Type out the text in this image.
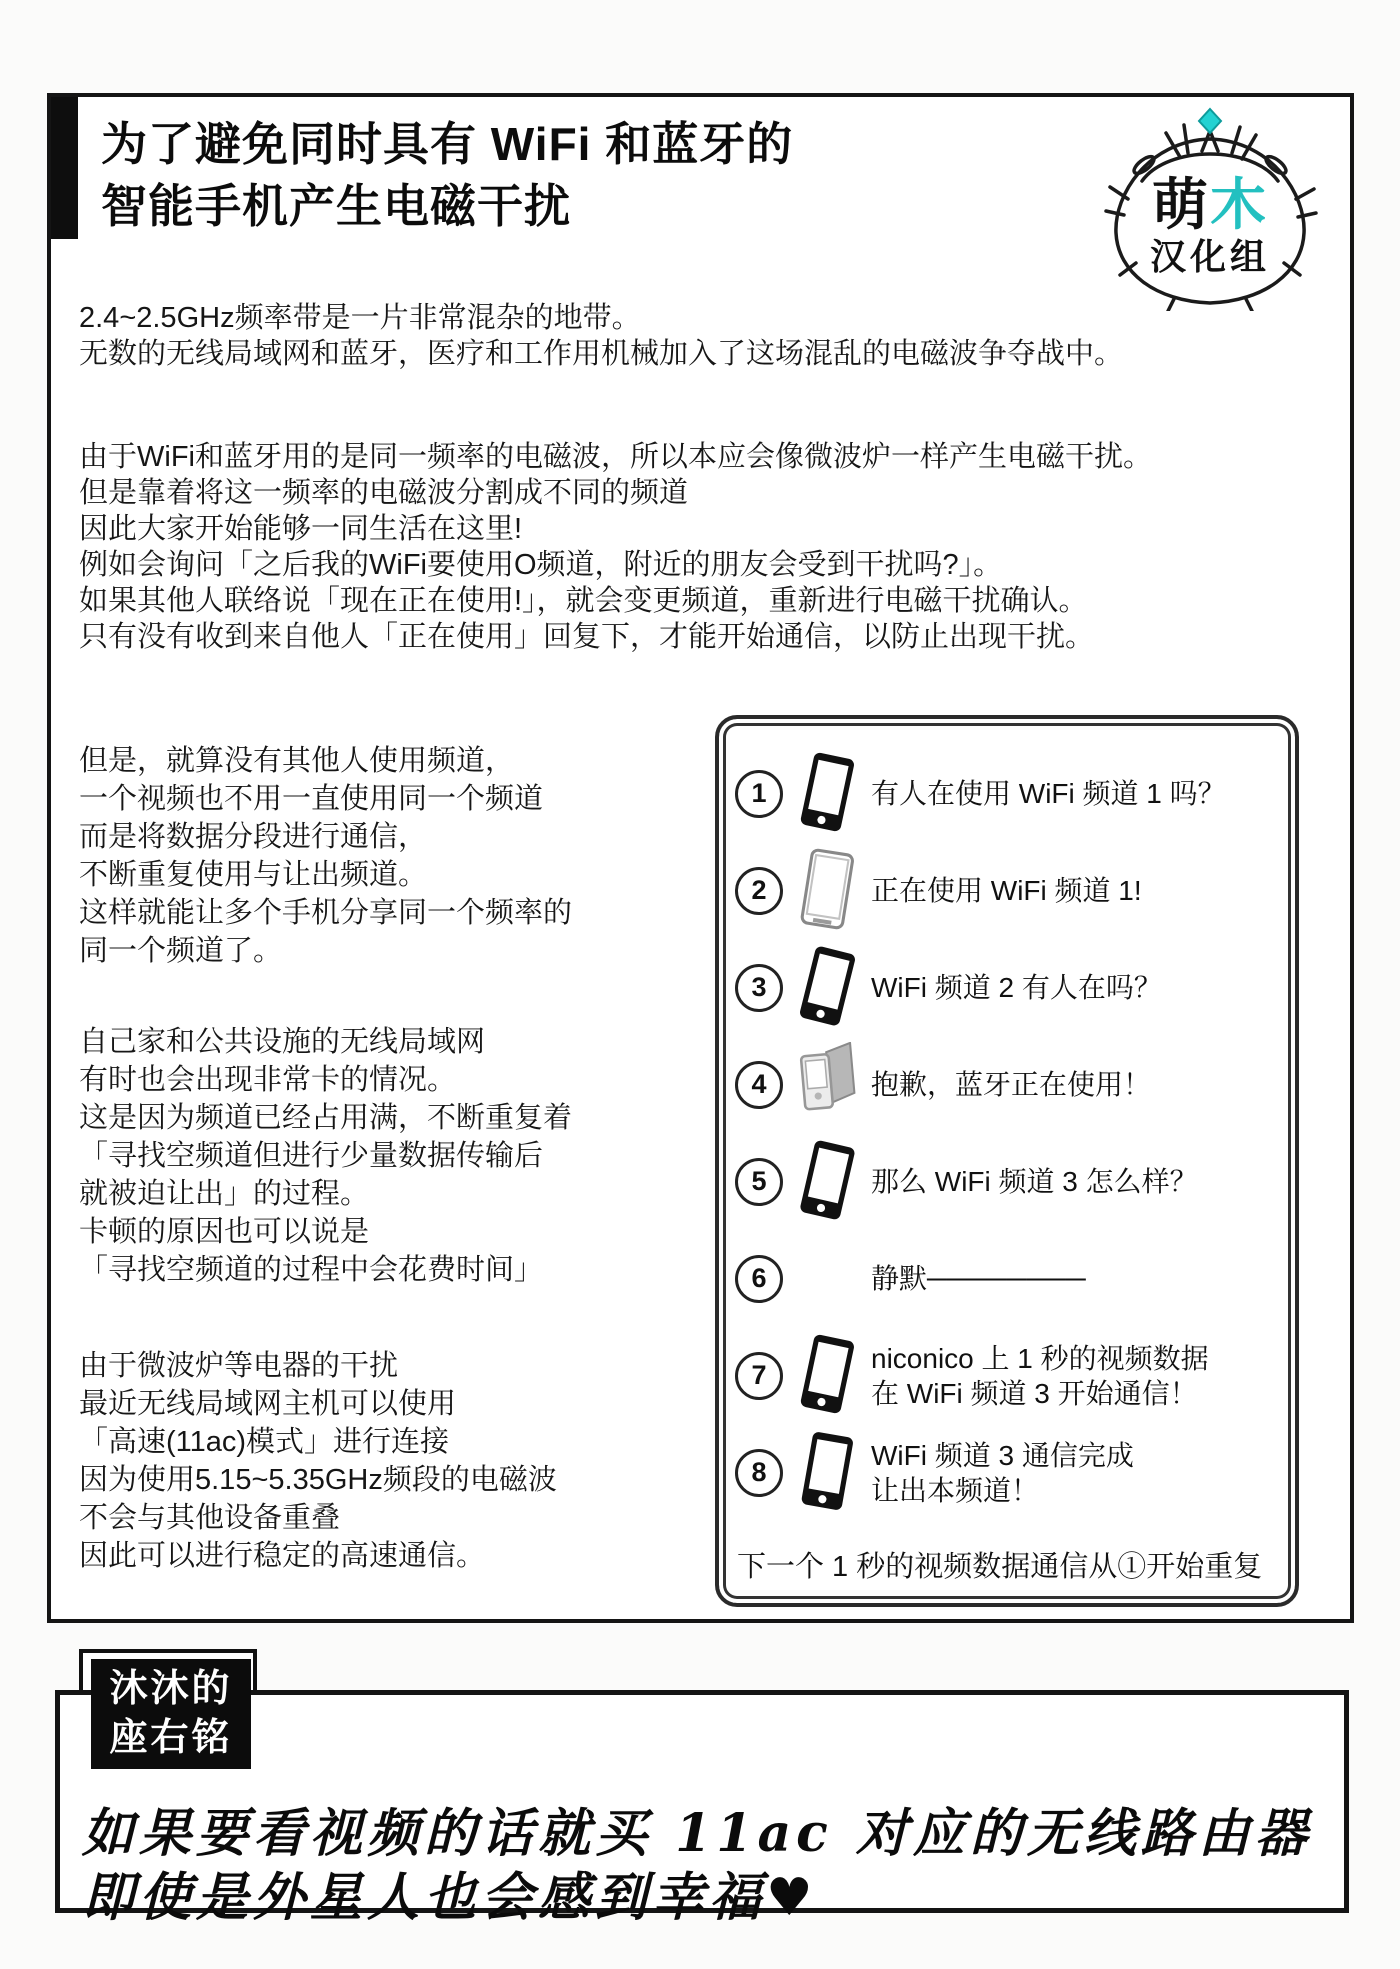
为了避免同时具有 WiFi 和蓝牙的
智能手机产生电磁干扰	萌木
汉化组
2.4~2.5GHz频率带是一片非常混杂的地带。
无数的无线局域网和蓝牙，医疗和工作用机械加入了这场混乱的电磁波争夺战中。
由于WiFi和蓝牙用的是同一频率的电磁波，所以本应会像微波炉一样产生电磁干扰。
但是靠着将这一频率的电磁波分割成不同的频道
因此大家开始能够一同生活在这里!
例如会询问「之后我的WiFi要使用O频道，附近的朋友会受到干扰吗?」。
如果其他人联络说「现在正在使用!」，就会变更频道，重新进行电磁干扰确认。
只有没有收到来自他人「正在使用」回复下，才能开始通信，以防止出现干扰。
但是，就算没有其他人使用频道，
一个视频也不用一直使用同一个频道
而是将数据分段进行通信，
不断重复使用与让出频道。
这样就能让多个手机分享同一个频率的
同一个频道了。
自己家和公共设施的无线局域网
有时也会出现非常卡的情况。
这是因为频道已经占用满，不断重复着
「寻找空频道但进行少量数据传输后
就被迫让出」的过程。
卡顿的原因也可以说是
「寻找空频道的过程中会花费时间」
由于微波炉等电器的干扰
最近无线局域网主机可以使用
「高速(11ac)模式」进行连接
因为使用5.15~5.35GHz频段的电磁波
不会与其他设备重叠
因此可以进行稳定的高速通信。
1	有人在使用 WiFi 频道 1 吗？
2	正在使用 WiFi 频道 1!
3	WiFi 频道 2 有人在吗？
4	抱歉，蓝牙正在使用！
5	那么 WiFi 频道 3 怎么样？
6	静默────────
7
niconico 上 1 秒的视频数据
在 WiFi 频道 3 开始通信！
8
WiFi 频道 3 通信完成
让出本频道！
下一个 1 秒的视频数据通信从①开始重复
如果要看视频的话就买 11ac 对应的无线路由器
即使是外星人也会感到幸福♥
沐沐的
座右铭
